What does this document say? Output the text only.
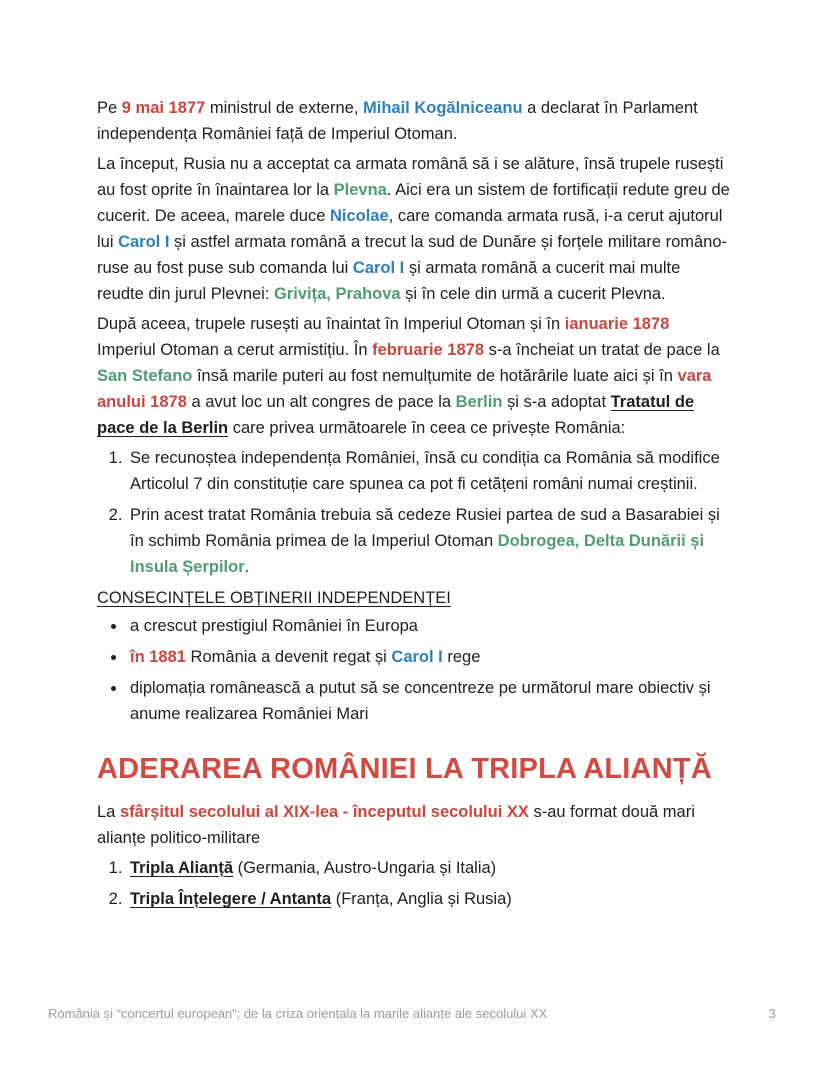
Pe 9 mai 1877 ministrul de externe, Mihail Kogălniceanu a declarat în Parlament independența României față de Imperiul Otoman.

La început, Rusia nu a acceptat ca armata română să i se alăture, însă trupele rusești au fost oprite în înaintarea lor la Plevna. Aici era un sistem de fortificații redute greu de cucerit. De aceea, marele duce Nicolae, care comanda armata rusă, i-a cerut ajutorul lui Carol I și astfel armata română a trecut la sud de Dunăre și forțele militare româno-ruse au fost puse sub comanda lui Carol I și armata română a cucerit mai multe reudte din jurul Plevnei: Grivița, Prahova și în cele din urmă a cucerit Plevna.

După aceea, trupele rusești au înaintat în Imperiul Otoman și în ianuarie 1878 Imperiul Otoman a cerut armistițiu. În februarie 1878 s-a încheiat un tratat de pace la San Stefano însă marile puteri au fost nemulțumite de hotărârile luate aici și în vara anului 1878 a avut loc un alt congres de pace la Berlin și s-a adoptat Tratatul de pace de la Berlin care privea următoarele în ceea ce privește România:

1. Se recunoștea independența României, însă cu condiția ca România să modifice Articolul 7 din constituție care spunea ca pot fi cetățeni români numai creștinii.
2. Prin acest tratat România trebuia să cedeze Rusiei partea de sud a Basarabiei și în schimb România primea de la Imperiul Otoman Dobrogea, Delta Dunării și Insula Șerpilor.
CONSECINȚELE OBȚINERII INDEPENDENȚEI
• a crescut prestigiul României în Europa
• în 1881 România a devenit regat și Carol I rege
• diplomația românească a putut să se concentreze pe următorul mare obiectiv și anume realizarea României Mari
ADERAREA ROMÂNIEI LA TRIPLA ALIANȚĂ

La sfârșitul secolului al XIX-lea - începutul secolului XX s-au format două mari alianțe politico-militare

1. Tripla Alianță (Germania, Austro-Ungaria și Italia)
2. Tripla Înțelegere / Antanta (Franța, Anglia și Rusia)
România și “concertul european”; de la criza orientala la marile alianțe ale secolului XX	3
